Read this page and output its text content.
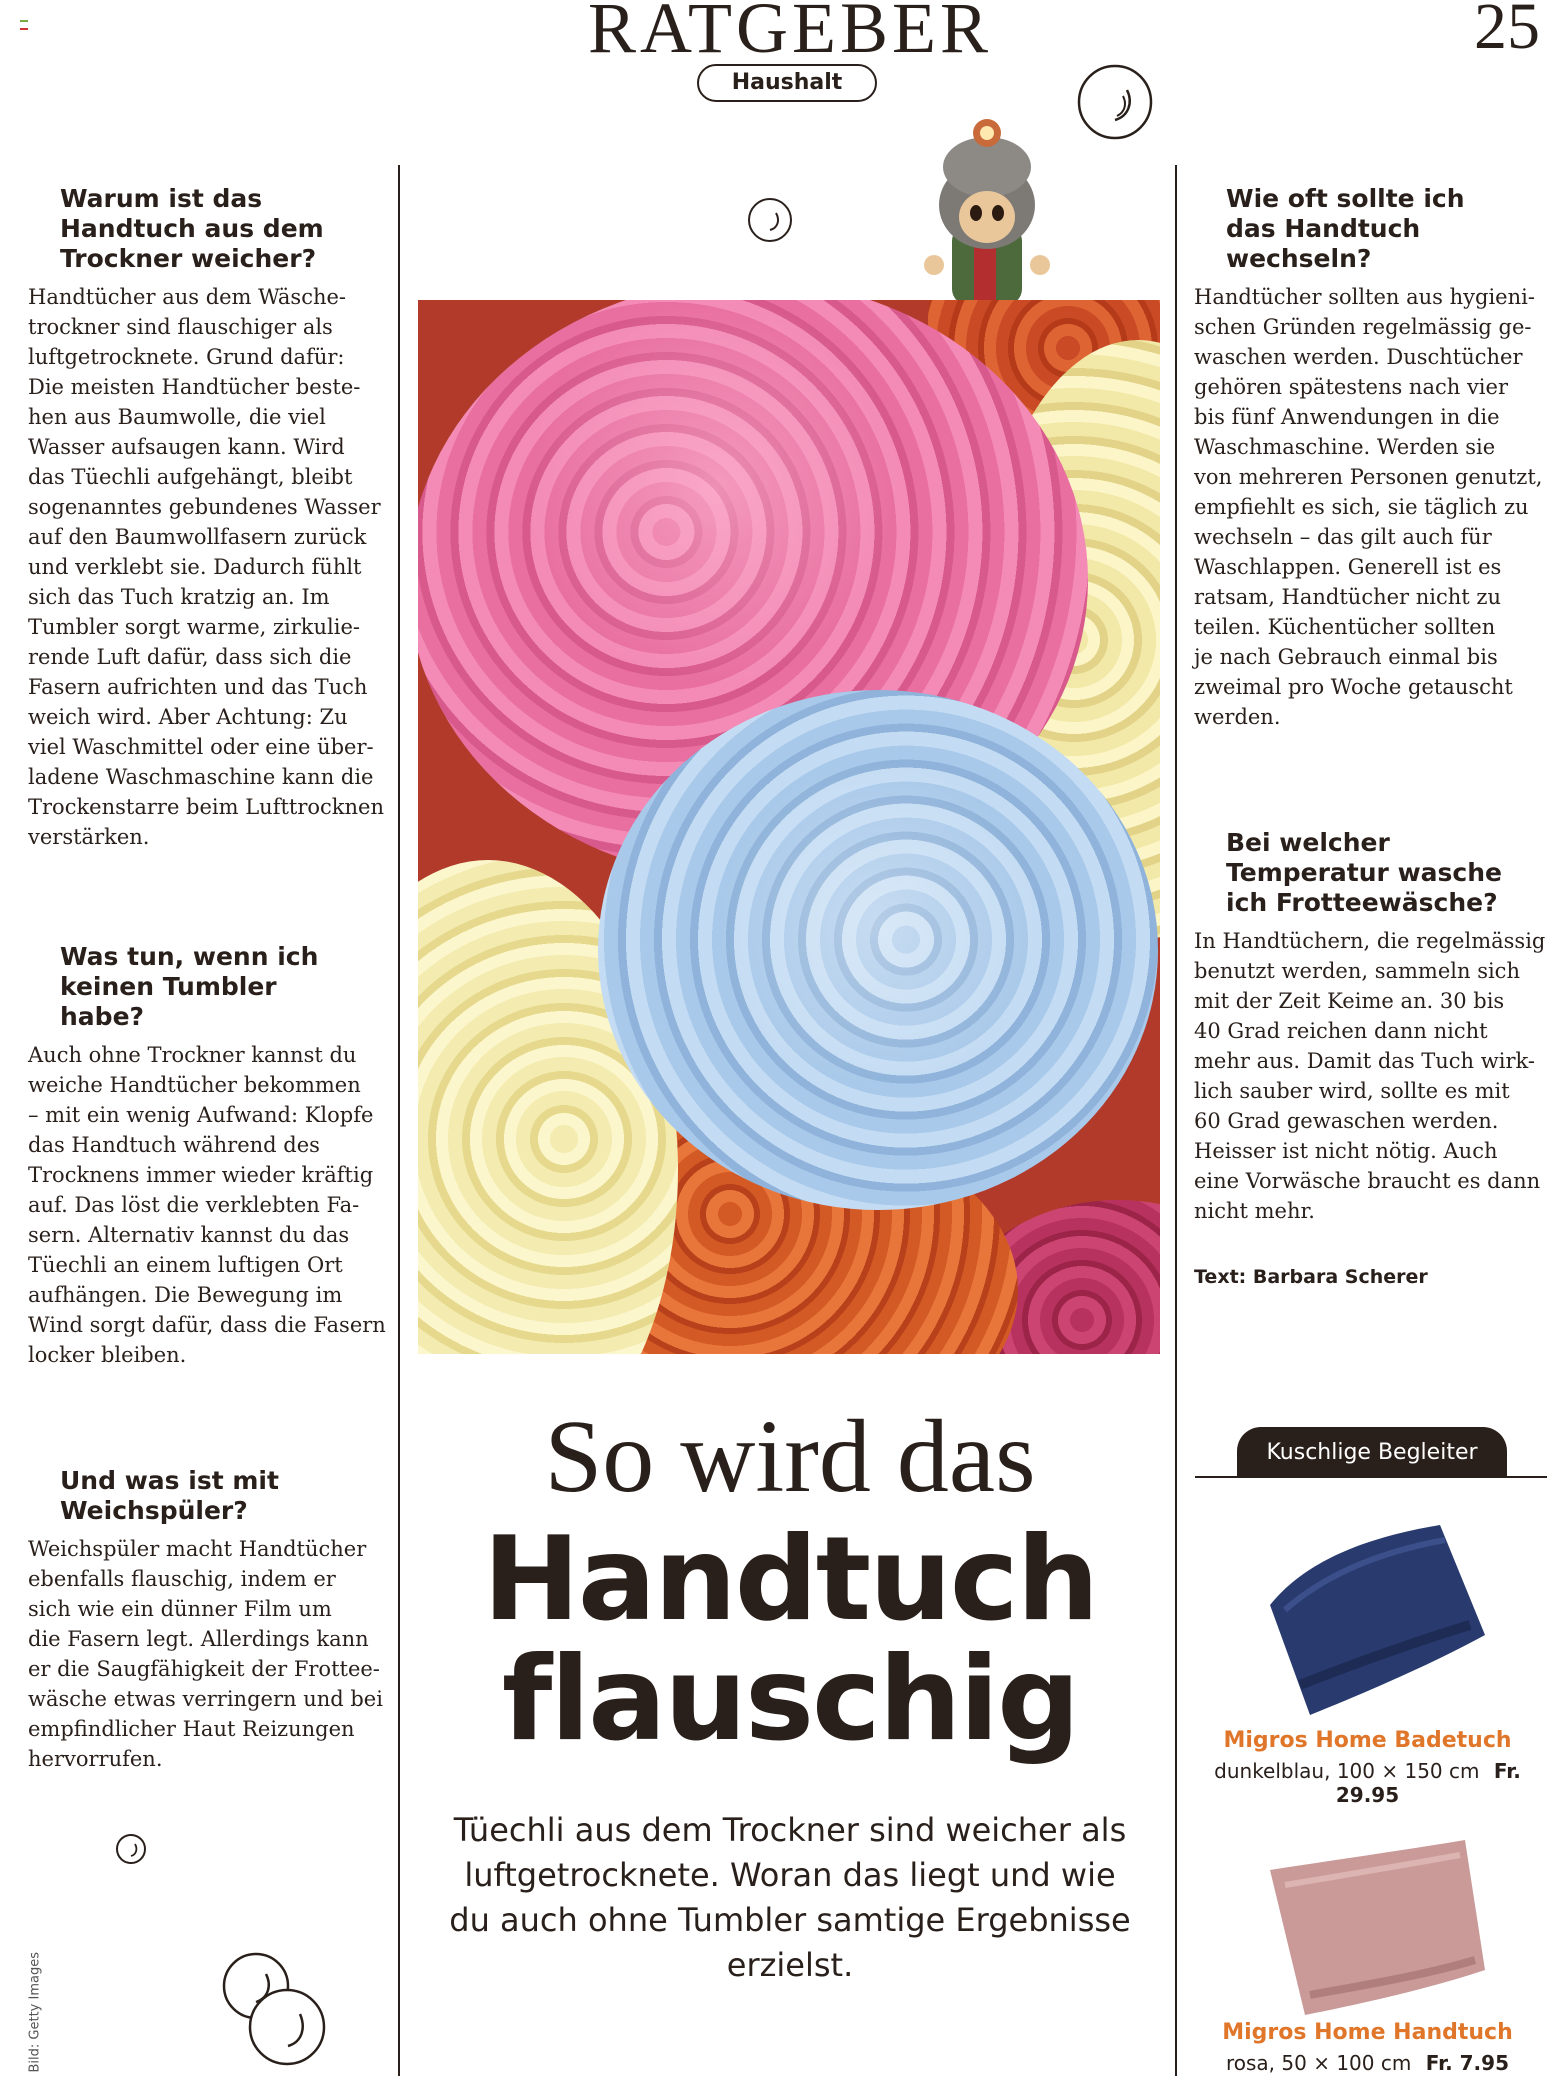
RATGEBER	25
Haushalt
Warum ist das Handtuch aus dem Trockner weicher?

Handtücher aus dem Wäsche-
trockner sind flauschiger als
luftgetrocknete. Grund dafür:
Die meisten Handtücher beste-
hen aus Baumwolle, die viel
Wasser aufsaugen kann. Wird
das Tüechli aufgehängt, bleibt
sogenanntes gebundenes Wasser
auf den Baumwollfasern zurück
und verklebt sie. Dadurch fühlt
sich das Tuch kratzig an. Im
Tumbler sorgt warme, zirkulie-
rende Luft dafür, dass sich die
Fasern aufrichten und das Tuch
weich wird. Aber Achtung: Zu
viel Waschmittel oder eine über-
ladene Waschmaschine kann die
Trockenstarre beim Lufttrocknen
verstärken.

Was tun, wenn ich keinen Tumbler habe?

Auch ohne Trockner kannst du
weiche Handtücher bekommen
– mit ein wenig Aufwand: Klopfe
das Handtuch während des
Trocknens immer wieder kräftig
auf. Das löst die verklebten Fa-
sern. Alternativ kannst du das
Tüechli an einem luftigen Ort
aufhängen. Die Bewegung im
Wind sorgt dafür, dass die Fasern
locker bleiben.

Und was ist mit Weichspüler?

Weichspüler macht Handtücher
ebenfalls flauschig, indem er
sich wie ein dünner Film um
die Fasern legt. Allerdings kann
er die Saugfähigkeit der Frottee-
wäsche etwas verringern und bei
empfindlicher Haut Reizungen
hervorrufen.

Wie oft sollte ich das Handtuch wechseln?

Handtücher sollten aus hygieni-
schen Gründen regelmässig ge-
waschen werden. Duschtücher
gehören spätestens nach vier
bis fünf Anwendungen in die
Waschmaschine. Werden sie
von mehreren Personen genutzt,
empfiehlt es sich, sie täglich zu
wechseln – das gilt auch für
Waschlappen. Generell ist es
ratsam, Handtücher nicht zu
teilen. Küchentücher sollten
je nach Gebrauch einmal bis
zweimal pro Woche getauscht
werden.

Bei welcher Temperatur wasche ich Frotteewäsche?

In Handtüchern, die regelmässig
benutzt werden, sammeln sich
mit der Zeit Keime an. 30 bis
40 Grad reichen dann nicht
mehr aus. Damit das Tuch wirk-
lich sauber wird, sollte es mit
60 Grad gewaschen werden.
Heisser ist nicht nötig. Auch
eine Vorwäsche braucht es dann
nicht mehr.

Text: Barbara Scherer
So wird das
Handtuch
flauschig
Tüechli aus dem Trockner sind weicher als luftgetrocknete. Woran das liegt und wie du auch ohne Tumbler samtige Ergebnisse erzielst.
Kuschlige Begleiter
Migros Home Badetuch
dunkelblau, 100 × 150 cm Fr. 29.95
Migros Home Handtuch
rosa, 50 × 100 cm Fr. 7.95
Bild: Getty Images
